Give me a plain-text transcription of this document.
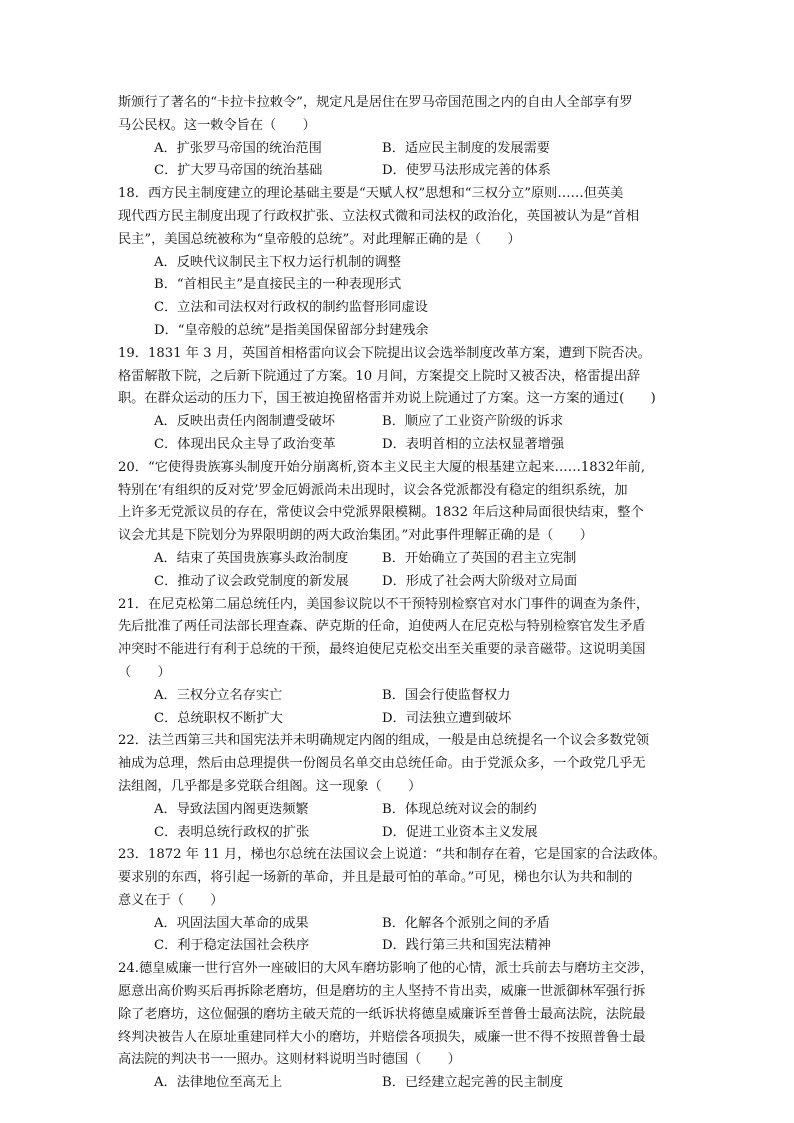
斯颁行了著名的“卡拉卡拉敕令”，规定凡是居住在罗马帝国范围之内的自由人全部享有罗

马公民权。这一敕令旨在（　　）

A．扩张罗马帝国的统治范围	B．适应民主制度的发展需要
C．扩大罗马帝国的统治基础	D．使罗马法形成完善的体系

18．西方民主制度建立的理论基础主要是“天赋人权”思想和“三权分立”原则……但英美

现代西方民主制度出现了行政权扩张、立法权式微和司法权的政治化，英国被认为是“首相

民主”，美国总统被称为“皇帝般的总统”。对此理解正确的是（　　）

A．反映代议制民主下权力运行机制的调整

B．“首相民主”是直接民主的一种表现形式

C．立法和司法权对行政权的制约监督形同虚设

D．“皇帝般的总统”是指美国保留部分封建残余

19．1831 年 3 月，英国首相格雷向议会下院提出议会选举制度改革方案，遭到下院否决。

格雷解散下院，之后新下院通过了方案。10 月间，方案提交上院时又被否决，格雷提出辞

职。在群众运动的压力下，国王被迫挽留格雷并劝说上院通过了方案。这一方案的通过(　　)

A．反映出责任内阁制遭受破坏	B．顺应了工业资产阶级的诉求
C．体现出民众主导了政治变革	D．表明首相的立法权显著增强

20．“它使得贵族寡头制度开始分崩离析,资本主义民主大厦的根基建立起来……1832年前,

特别在‘有组织的反对党’罗金厄姆派尚未出现时，议会各党派都没有稳定的组织系统，加

上许多无党派议员的存在，常使议会中党派界限模糊。1832 年后这种局面很快结束，整个

议会尤其是下院划分为界限明朗的两大政治集团。”对此事件理解正确的是（　　）

A．结束了英国贵族寡头政治制度	B．开始确立了英国的君主立宪制
C．推动了议会政党制度的新发展	D．形成了社会两大阶级对立局面

21．在尼克松第二届总统任内，美国参议院以不干预特别检察官对水门事件的调查为条件，

先后批准了两任司法部长理查森、萨克斯的任命，迫使两人在尼克松与特别检察官发生矛盾

冲突时不能进行有利于总统的干预，最终迫使尼克松交出至关重要的录音磁带。这说明美国

（　　）

A．三权分立名存实亡	B．国会行使监督权力
C．总统职权不断扩大	D．司法独立遭到破坏

22．法兰西第三共和国宪法并未明确规定内阁的组成，一般是由总统提名一个议会多数党领

袖成为总理，然后由总理提供一份阁员名单交由总统任命。由于党派众多，一个政党几乎无

法组阁，几乎都是多党联合组阁。这一现象（　　）

A．导致法国内阁更迭频繁	B．体现总统对议会的制约
C．表明总统行政权的扩张	D．促进工业资本主义发展

23．1872 年 11 月，梯也尔总统在法国议会上说道：“共和制存在着，它是国家的合法政体。

要求别的东西，将引起一场新的革命，并且是最可怕的革命。”可见，梯也尔认为共和制的

意义在于（　　）

A．巩固法国大革命的成果	B．化解各个派别之间的矛盾
C．利于稳定法国社会秩序	D．践行第三共和国宪法精神

24.德皇威廉一世行宫外一座破旧的大风车磨坊影响了他的心情，派士兵前去与磨坊主交涉，

愿意出高价购买后再拆除老磨坊，但是磨坊的主人坚持不肯出卖，威廉一世派御林军强行拆

除了老磨坊，这位倔强的磨坊主破天荒的一纸诉状将德皇威廉诉至普鲁士最高法院，法院最

终判决被告人在原址重建同样大小的磨坊，并赔偿各项损失，威廉一世不得不按照普鲁士最

高法院的判决书一一照办。这则材料说明当时德国（　　）

A．法律地位至高无上	B．已经建立起完善的民主制度
